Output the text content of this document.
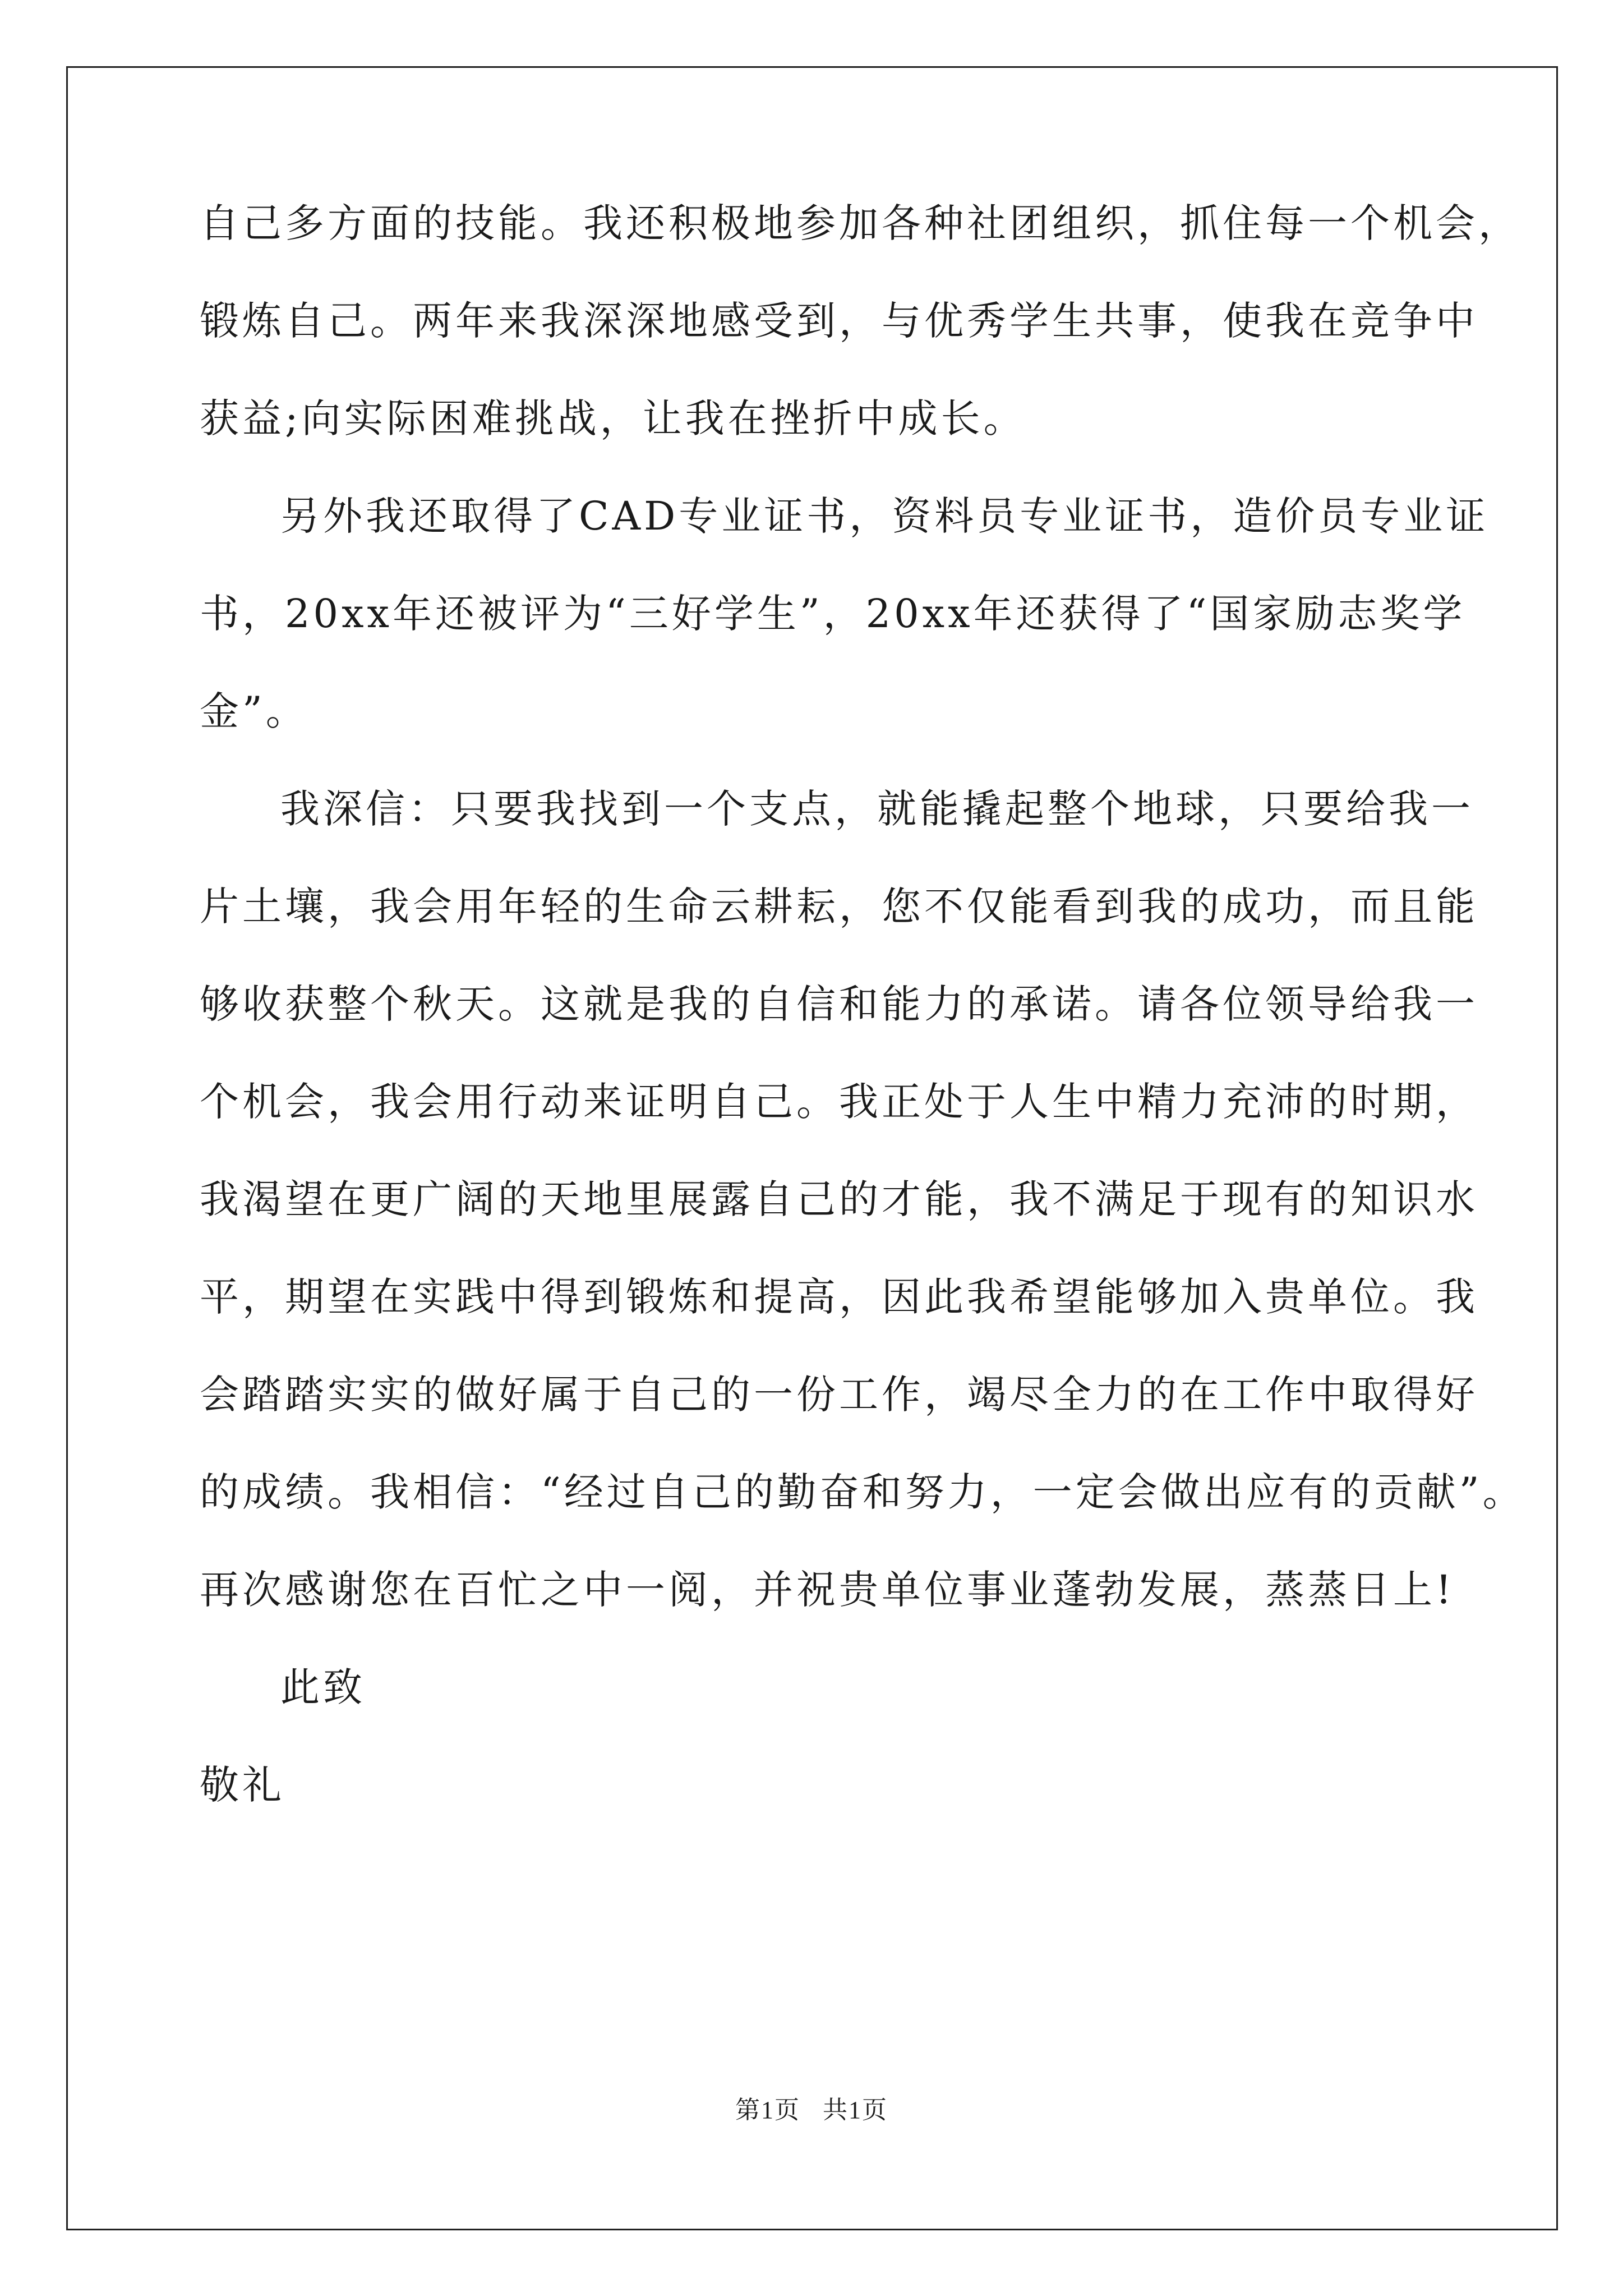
自己多方面的技能。我还积极地参加各种社团组织，抓住每一个机会，

锻炼自己。两年来我深深地感受到，与优秀学生共事，使我在竞争中

获益;向实际困难挑战，让我在挫折中成长。

另外我还取得了CAD专业证书，资料员专业证书，造价员专业证

书，20xx年还被评为“三好学生”，20xx年还获得了“国家励志奖学

金”。

我深信：只要我找到一个支点，就能撬起整个地球，只要给我一

片土壤，我会用年轻的生命云耕耘，您不仅能看到我的成功，而且能

够收获整个秋天。这就是我的自信和能力的承诺。请各位领导给我一

个机会，我会用行动来证明自己。我正处于人生中精力充沛的时期，

我渴望在更广阔的天地里展露自己的才能，我不满足于现有的知识水

平，期望在实践中得到锻炼和提高，因此我希望能够加入贵单位。我

会踏踏实实的做好属于自己的一份工作，竭尽全力的在工作中取得好

的成绩。我相信：“经过自己的勤奋和努力，一定会做出应有的贡献”。

再次感谢您在百忙之中一阅，并祝贵单位事业蓬勃发展，蒸蒸日上!

此致

敬礼

第1页 共1页
